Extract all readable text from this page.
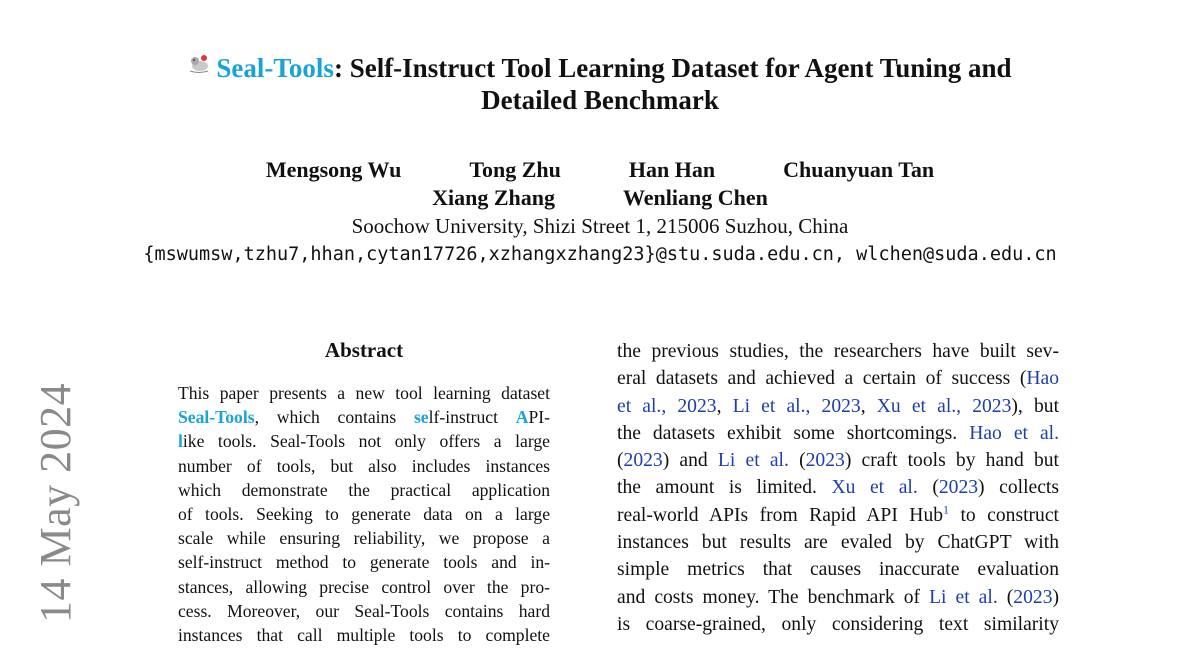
14 May 2024
Seal-Tools: Self-Instruct Tool Learning Dataset for Agent Tuning and
Detailed Benchmark
Mengsong Wu	Tong Zhu	Han Han	Chuanyuan Tan
Xiang Zhang	Wenliang Chen
Soochow University, Shizi Street 1, 215006 Suzhou, China
{mswumsw,tzhu7,hhan,cytan17726,xzhangxzhang23}@stu.suda.edu.cn, wlchen@suda.edu.cn
Abstract
This paper presents a new tool learning dataset
Seal-Tools, which contains self-instruct API-
like tools. Seal-Tools not only offers a large
number of tools, but also includes instances
which demonstrate the practical application
of tools. Seeking to generate data on a large
scale while ensuring reliability, we propose a
self-instruct method to generate tools and in-
stances, allowing precise control over the pro-
cess. Moreover, our Seal-Tools contains hard
instances that call multiple tools to complete
the previous studies, the researchers have built sev-
eral datasets and achieved a certain of success (Hao
et al., 2023, Li et al., 2023, Xu et al., 2023), but
the datasets exhibit some shortcomings. Hao et al.
(2023) and Li et al. (2023) craft tools by hand but
the amount is limited. Xu et al. (2023) collects
real-world APIs from Rapid API Hub$^1$ to construct
instances but results are evaled by ChatGPT with
simple metrics that causes inaccurate evaluation
and costs money. The benchmark of Li et al. (2023)
is coarse-grained, only considering text similarity
